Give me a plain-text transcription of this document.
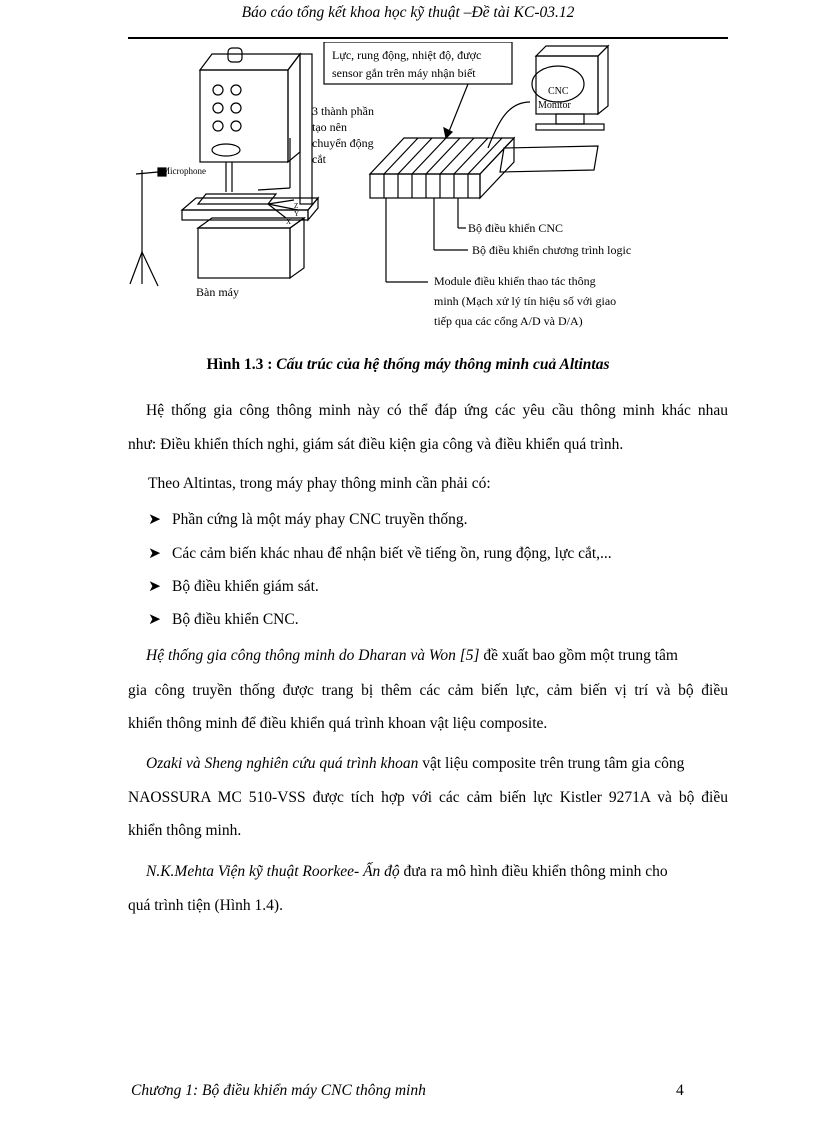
Báo cáo tổng kết khoa học kỹ thuật –Đề tài KC-03.12
Lực, rung động, nhiệt độ, được
sensor gắn trên máy nhận biết
3 thành phần
tạo nên
chuyển động
cắt
Microphone
CNC
Monitor
Z
Y
X	Bộ điều khiển CNC
Bộ điều khiển chương trình logic
Module điều khiển thao tác thông
minh (Mạch xử lý tín hiệu số với giao
tiếp qua các cổng A/D và D/A)
Bàn máy
Hình 1.3 : Cấu trúc của hệ thống máy thông minh cuả Altintas
Hệ thống gia công thông minh này có thể đáp ứng các yêu cầu thông minh khác nhau
như: Điều khiển thích nghi, giám sát điều kiện gia công và điều khiển quá trình.
Theo Altintas, trong máy phay thông minh cần phải có:
➤ Phần cứng là một máy phay CNC truyền thống.
➤ Các cảm biến khác nhau để nhận biết về tiếng ồn, rung động, lực cắt,...
➤ Bộ điều khiển giám sát.
➤ Bộ điều khiển CNC.
Hệ thống gia công thông minh do Dharan và Won [5] đề xuất bao gồm một trung tâm
gia công truyền thống được trang bị thêm các cảm biến lực, cảm biến vị trí và bộ điều
khiển thông minh để điều khiển quá trình khoan vật liệu composite.
Ozaki và Sheng nghiên cứu quá trình khoan vật liệu composite trên trung tâm gia công
NAOSSURA MC 510-VSS được tích hợp với các cảm biến lực Kistler 9271A và bộ điều
khiển thông minh.
N.K.Mehta Viện kỹ thuật Roorkee- Ấn độ đưa ra mô hình điều khiển thông minh cho
quá trình tiện (Hình 1.4).
Chương 1: Bộ điều khiển máy CNC thông minh	4
